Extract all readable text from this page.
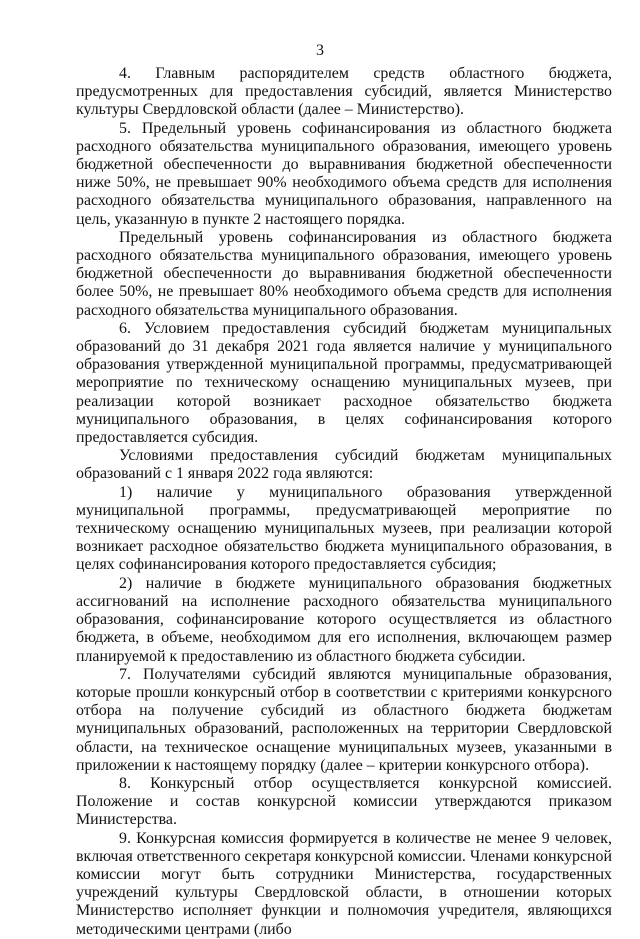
3

4. Главным распорядителем средств областного бюджета, предусмотренных для предоставления субсидий, является Министерство культуры Свердловской области (далее – Министерство).

5. Предельный уровень софинансирования из областного бюджета расходного обязательства муниципального образования, имеющего уровень бюджетной обеспеченности до выравнивания бюджетной обеспеченности ниже 50%, не превышает 90% необходимого объема средств для исполнения расходного обязательства муниципального образования, направленного на цель, указанную в пункте 2 настоящего порядка.

Предельный уровень софинансирования из областного бюджета расходного обязательства муниципального образования, имеющего уровень бюджетной обеспеченности до выравнивания бюджетной обеспеченности более 50%, не превышает 80% необходимого объема средств для исполнения расходного обязательства муниципального образования.

6. Условием предоставления субсидий бюджетам муниципальных образований до 31 декабря 2021 года является наличие у муниципального образования утвержденной муниципальной программы, предусматривающей мероприятие по техническому оснащению муниципальных музеев, при реализации которой возникает расходное обязательство бюджета муниципального образования, в целях софинансирования которого предоставляется субсидия.

Условиями предоставления субсидий бюджетам муниципальных образований с 1 января 2022 года являются:

1) наличие у муниципального образования утвержденной муниципальной программы, предусматривающей мероприятие по техническому оснащению муниципальных музеев, при реализации которой возникает расходное обязательство бюджета муниципального образования, в целях софинансирования которого предоставляется субсидия;

2) наличие в бюджете муниципального образования бюджетных ассигнований на исполнение расходного обязательства муниципального образования, софинансирование которого осуществляется из областного бюджета, в объеме, необходимом для его исполнения, включающем размер планируемой к предоставлению из областного бюджета субсидии.

7. Получателями субсидий являются муниципальные образования, которые прошли конкурсный отбор в соответствии с критериями конкурсного отбора на получение субсидий из областного бюджета бюджетам муниципальных образований, расположенных на территории Свердловской области, на техническое оснащение муниципальных музеев, указанными в приложении к настоящему порядку (далее – критерии конкурсного отбора).

8. Конкурсный отбор осуществляется конкурсной комиссией. Положение и состав конкурсной комиссии утверждаются приказом Министерства.

9. Конкурсная комиссия формируется в количестве не менее 9 человек, включая ответственного секретаря конкурсной комиссии. Членами конкурсной комиссии могут быть сотрудники Министерства, государственных учреждений культуры Свердловской области, в отношении которых Министерство исполняет функции и полномочия учредителя, являющихся методическими центрами (либо
